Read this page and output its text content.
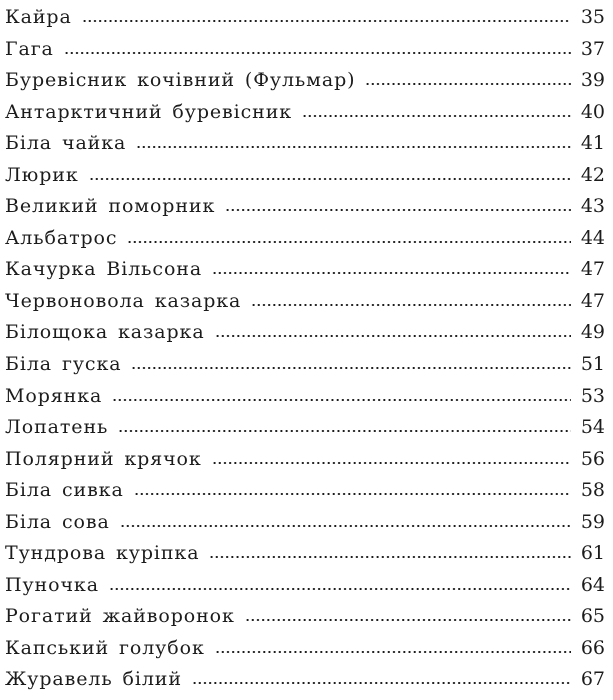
Кайра	35
Гага	37
Буревісник кочівний (Фульмар)	39
Антарктичний буревісник	40
Біла чайка	41
Люрик	42
Великий поморник	43
Альбатрос	44
Качурка Вільсона	47
Червоновола казарка	47
Білощока казарка	49
Біла гуска	51
Морянка	53
Лопатень	54
Полярний крячок	56
Біла сивка	58
Біла сова	59
Тундрова куріпка	61
Пуночка	64
Рогатий жайворонок	65
Капський голубок	66
Журавель білий	67
